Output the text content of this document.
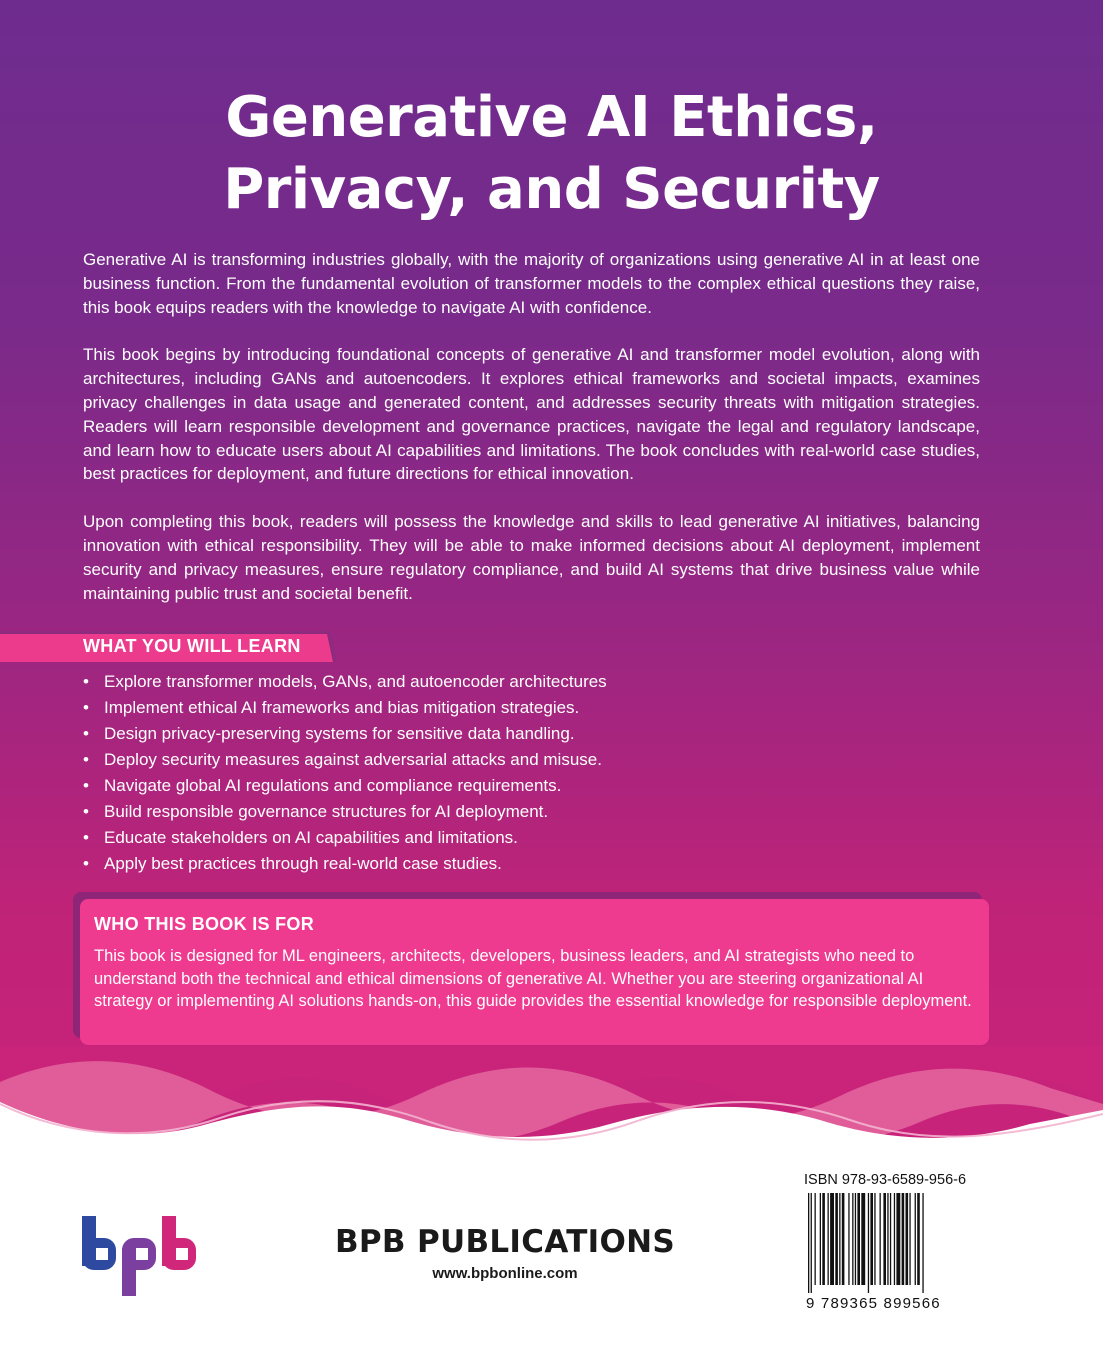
Generative AI Ethics,
Privacy, and Security

Generative AI is transforming industries globally, with the majority of organizations using generative AI in at least one business function. From the fundamental evolution of transformer models to the complex ethical questions they raise, this book equips readers with the knowledge to navigate AI with confidence.

This book begins by introducing foundational concepts of generative AI and transformer model evolution, along with architectures, including GANs and autoencoders. It explores ethical frameworks and societal impacts, examines privacy challenges in data usage and generated content, and addresses security threats with mitigation strategies. Readers will learn responsible development and governance practices, navigate the legal and regulatory landscape, and learn how to educate users about AI capabilities and limitations. The book concludes with real-world case studies, best practices for deployment, and future directions for ethical innovation.

Upon completing this book, readers will possess the knowledge and skills to lead generative AI initiatives, balancing innovation with ethical responsibility. They will be able to make informed decisions about AI deployment, implement security and privacy measures, ensure regulatory compliance, and build AI systems that drive business value while maintaining public trust and societal benefit.

WHAT YOU WILL LEARN
• Explore transformer models, GANs, and autoencoder architectures
• Implement ethical AI frameworks and bias mitigation strategies.
• Design privacy-preserving systems for sensitive data handling.
• Deploy security measures against adversarial attacks and misuse.
• Navigate global AI regulations and compliance requirements.
• Build responsible governance structures for AI deployment.
• Educate stakeholders on AI capabilities and limitations.
• Apply best practices through real-world case studies.
WHO THIS BOOK IS FOR

This book is designed for ML engineers, architects, developers, business leaders, and AI strategists who need to understand both the technical and ethical dimensions of generative AI. Whether you are steering organizational AI strategy or implementing AI solutions hands-on, this guide provides the essential knowledge for responsible deployment.

BPB PUBLICATIONS
www.bpbonline.com
ISBN 978-93-6589-956-6
9 789365 899566
